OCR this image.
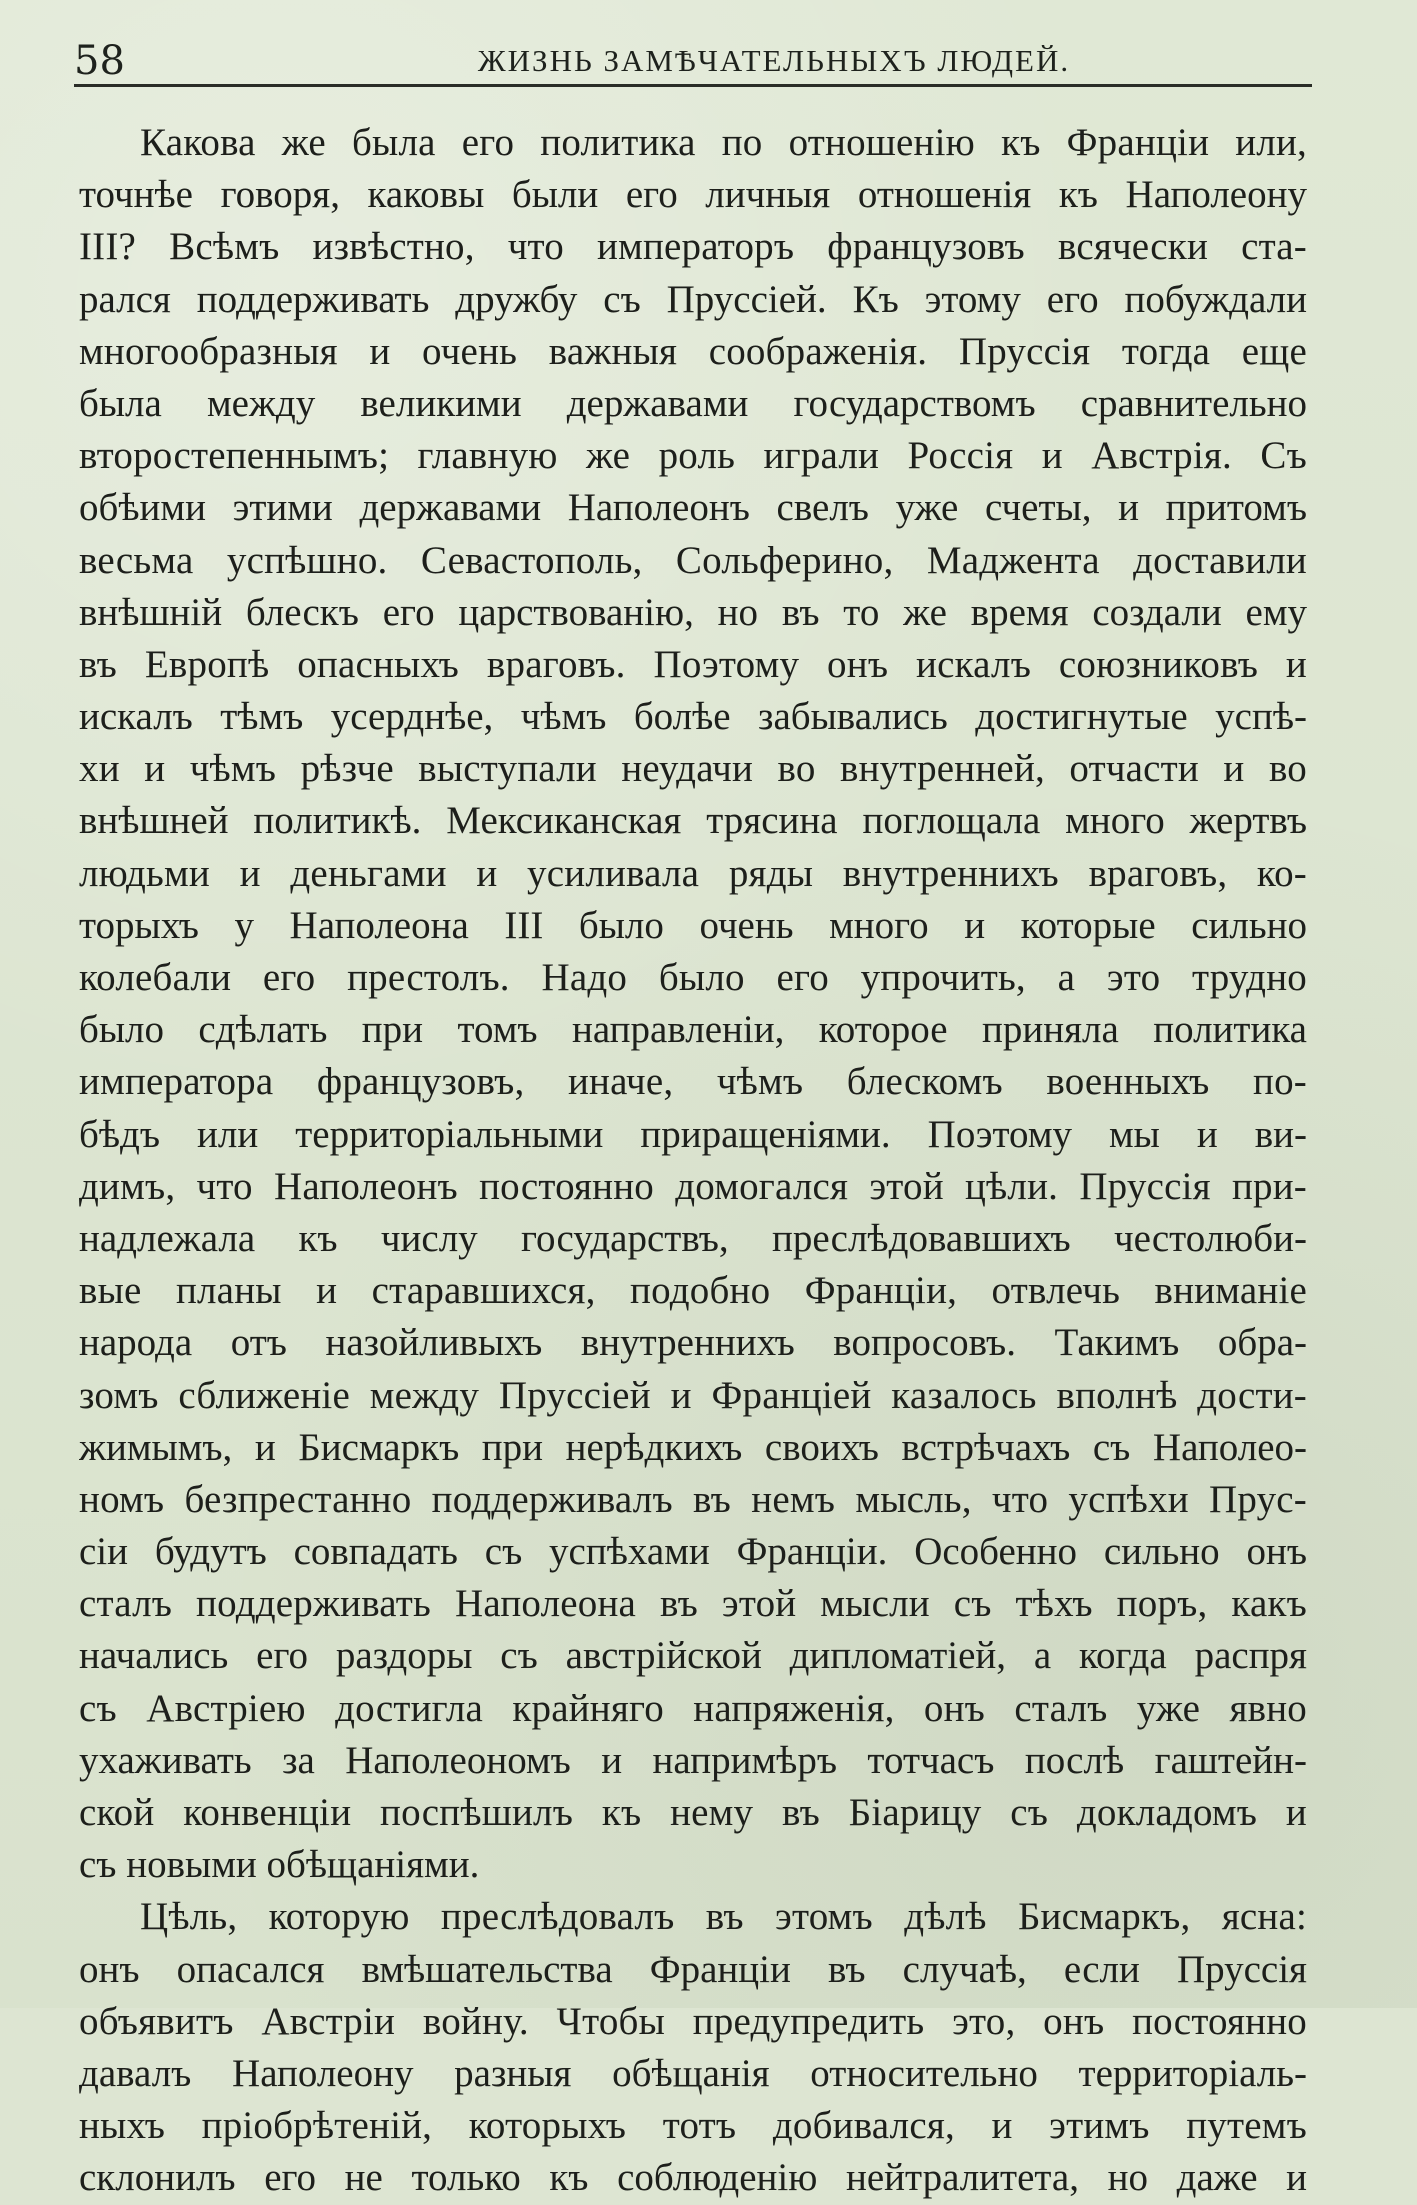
58	ЖИЗНЬ ЗАМѢЧАТЕЛЬНЫХЪ ЛЮДЕЙ.
Какова же была его политика по отношенію къ Франціи или,
точнѣе говоря, каковы были его личныя отношенія къ Наполеону
III? Всѣмъ извѣстно, что императоръ французовъ всячески ста-
рался поддерживать дружбу съ Пруссіей. Къ этому его побуждали
многообразныя и очень важныя соображенія. Пруссія тогда еще
была между великими державами государствомъ сравнительно
второстепеннымъ; главную же роль играли Россія и Австрія. Съ
обѣими этими державами Наполеонъ свелъ уже счеты, и притомъ
весьма успѣшно. Севастополь, Сольферино, Маджента доставили
внѣшній блескъ его царствованію, но въ то же время создали ему
въ Европѣ опасныхъ враговъ. Поэтому онъ искалъ союзниковъ и
искалъ тѣмъ усерднѣе, чѣмъ болѣе забывались достигнутые успѣ-
хи и чѣмъ рѣзче выступали неудачи во внутренней, отчасти и во
внѣшней политикѣ. Мексиканская трясина поглощала много жертвъ
людьми и деньгами и усиливала ряды внутреннихъ враговъ, ко-
торыхъ у Наполеона III было очень много и которые сильно
колебали его престолъ. Надо было его упрочить, а это трудно
было сдѣлать при томъ направленіи, которое приняла политика
императора французовъ, иначе, чѣмъ блескомъ военныхъ по-
бѣдъ или территоріальными приращеніями. Поэтому мы и ви-
димъ, что Наполеонъ постоянно домогался этой цѣли. Пруссія при-
надлежала къ числу государствъ, преслѣдовавшихъ честолюби-
вые планы и старавшихся, подобно Франціи, отвлечь вниманіе
народа отъ назойливыхъ внутреннихъ вопросовъ. Такимъ обра-
зомъ сближеніе между Пруссіей и Франціей казалось вполнѣ дости-
жимымъ, и Бисмаркъ при нерѣдкихъ своихъ встрѣчахъ съ Наполео-
номъ безпрестанно поддерживалъ въ немъ мысль, что успѣхи Прус-
сіи будутъ совпадать съ успѣхами Франціи. Особенно сильно онъ
сталъ поддерживать Наполеона въ этой мысли съ тѣхъ поръ, какъ
начались его раздоры съ австрійской дипломатіей, а когда распря
съ Австріею достигла крайняго напряженія, онъ сталъ уже явно
ухаживать за Наполеономъ и напримѣръ тотчасъ послѣ гаштейн-
ской конвенціи поспѣшилъ къ нему въ Біарицу съ докладомъ и
съ новыми обѣщаніями.
Цѣль, которую преслѣдовалъ въ этомъ дѣлѣ Бисмаркъ, ясна:
онъ опасался вмѣшательства Франціи въ случаѣ, если Пруссія
объявитъ Австріи войну. Чтобы предупредить это, онъ постоянно
давалъ Наполеону разныя обѣщанія относительно территоріаль-
ныхъ пріобрѣтеній, которыхъ тотъ добивался, и этимъ путемъ
склонилъ его не только къ соблюденію нейтралитета, но даже и
